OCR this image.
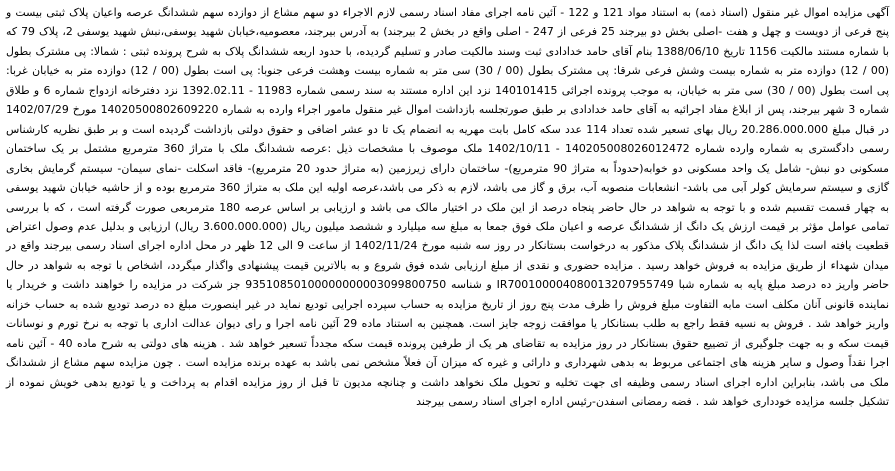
آگهی مزایده اموال غیر منقول (اسناد ذمه) به استناد مواد 121 و 122 - آئین نامه اجرای مفاد اسناد رسمی لازم الاجراء دو سهم مشاع از دوازده سهم ششدانگ عرصه واعیان پلاک ثبتی بیست و پنج فرعی از دویست و چهل و هفت -اصلی بخش دو بیرجند 25 فرعی از 247 - اصلی واقع در بخش 2 بیرجند) به آدرس بیرجند، معصومیه،خیابان شهید یوسفی،نبش شهید یوسفی 2، پلاک 79 که با شماره مستند مالکیت 1156 تاریخ 1388/06/10 بنام آقای حامد خدادادی ثبت وسند مالکیت صادر و تسلیم گردیده، با حدود اربعه ششدانگ پلاک به شرح پرونده ثبتی : شمالا: پی مشترک بطول (00 / 12) دوازده متر به شماره بیست وشش فرعی شرقا: پی مشترک بطول (00 / 30) سی متر به شماره بیست وهشت فرعی جنوبا: پی است بطول (00 / 12) دوازده متر به خیابان غربا: پی است بطول (00 / 30) سی متر به خیابان، به موجب پرونده اجرائی 140101415 نزد این اداره مستند به سند رسمی شماره 11983 - 1392.02.11 نزد دفترخانه ازدواج شماره 6 و طلاق شماره 3 شهر بیرجند، پس از ابلاغ مفاد اجرائیه به آقای حامد خدادادی بر طبق صورتجلسه بازداشت اموال غیر منقول مامور اجراء وارده به شماره 14020500802609220 مورخ 1402/07/29 در قبال مبلغ 20.286.000.000 ریال بهای تسعیر شده تعداد 114 عدد سکه کامل بابت مهریه به انضمام یک تا دو عشر اضافی و حقوق دولتی بازداشت گردیده است و بر طبق نظریه کارشناس رسمی دادگستری به شماره وارده شماره 140205008026012472 - 1402/10/11 ملک موصوف با مشخصات ذیل :عرصه ششدانگ ملک با متراژ 360 مترمربع مشتمل بر یک ساختمان مسکونی دو نبش- شامل یک واحد مسکونی دو خوابه(حدوداً به متراژ 90 مترمربع)- ساختمان دارای زیرزمین (به متراژ حدود 20 مترمربع)- فاقد اسکلت -نمای سیمان- سیستم گرمایش بخاری گازی و سیستم سرمایش کولر آبی می باشد- انشعابات منصوبه آب، برق و گاز می باشد، لازم به ذکر می باشد،عرصه اولیه این ملک به متراژ 360 مترمربع بوده و از حاشیه خیابان شهید یوسفی به چهار قسمت تقسیم شده و با توجه به شواهد در حال حاضر پنجاه درصد از این ملک در اختیار مالک می باشد و ارزیابی بر اساس عرصه 180 مترمربعی صورت گرفته است ، که با بررسی تمامی عوامل مؤثر بر قیمت ارزش یک دانگ از ششدانگ عرصه و اعیان ملک فوق جمعا به مبلغ سه میلیارد و ششصد میلیون ریال (3.600.000.000 ریال) ارزیابی و بدلیل عدم وصول اعتراض قطعیت یافته است لذا یک دانگ از ششدانگ پلاک مذکور به درخواست بستانکار در روز سه شنبه مورخ 1402/11/24 از ساعت 9 الی 12 ظهر در محل اداره اجرای اسناد رسمی بیرجند واقع در میدان شهداء از طریق مزایده به فروش خواهد رسید . مزایده حضوری و نقدی از مبلغ ارزیابی شده فوق شروع و به بالاترین قیمت پیشنهادی واگذار میگردد، اشخاص با توجه به شواهد در حال حاضر واریز ده درصد مبلغ پایه به شماره شبا IR700100004080013207955749 و شناسه 93510850100000000003099800750 جز شرکت در مزایده را خواهند داشت و خریدار یا نماینده قانونی آنان مکلف است مابه التفاوت مبلغ فروش را ظرف مدت پنج روز از تاریخ مزایده به حساب سپرده اجرایی تودیع نماید در غیر اینصورت مبلغ ده درصد تودیع شده به حساب خزانه واریز خواهد شد . فروش به نسیه فقط راجع به طلب بستانکار یا موافقت زوجه جایز است. همچنین به استناد ماده 29 آئین نامه اجرا و رای دیوان عدالت اداری با توجه به نرخ تورم و نوسانات قیمت سکه و به جهت جلوگیری از تضییع حقوق بستانکار در روز مزایده به تقاضای هر یک از طرفین پرونده قیمت سکه مجدداً تسعیر خواهد شد . هزینه های دولتی به شرح ماده 40 - آئین نامه اجرا نقداً وصول و سایر هزینه های اجتماعی مربوط به بدهی شهرداری و دارائی و غیره که میزان آن فعلاً مشخص نمی باشد به عهده برنده مزایده است . چون مزایده سهم مشاع از ششدانگ ملک می باشد، بنابراین اداره اجرای اسناد رسمی وظیفه ای جهت تخلیه و تحویل ملک نخواهد داشت و چنانچه مدیون تا قبل از روز مزایده اقدام به پرداخت و یا تودیع بدهی خویش نموده از تشکیل جلسه مزایده خودداری خواهد شد . فضه رمضانی اسفدن-رئیس اداره اجرای اسناد رسمی بیرجند
